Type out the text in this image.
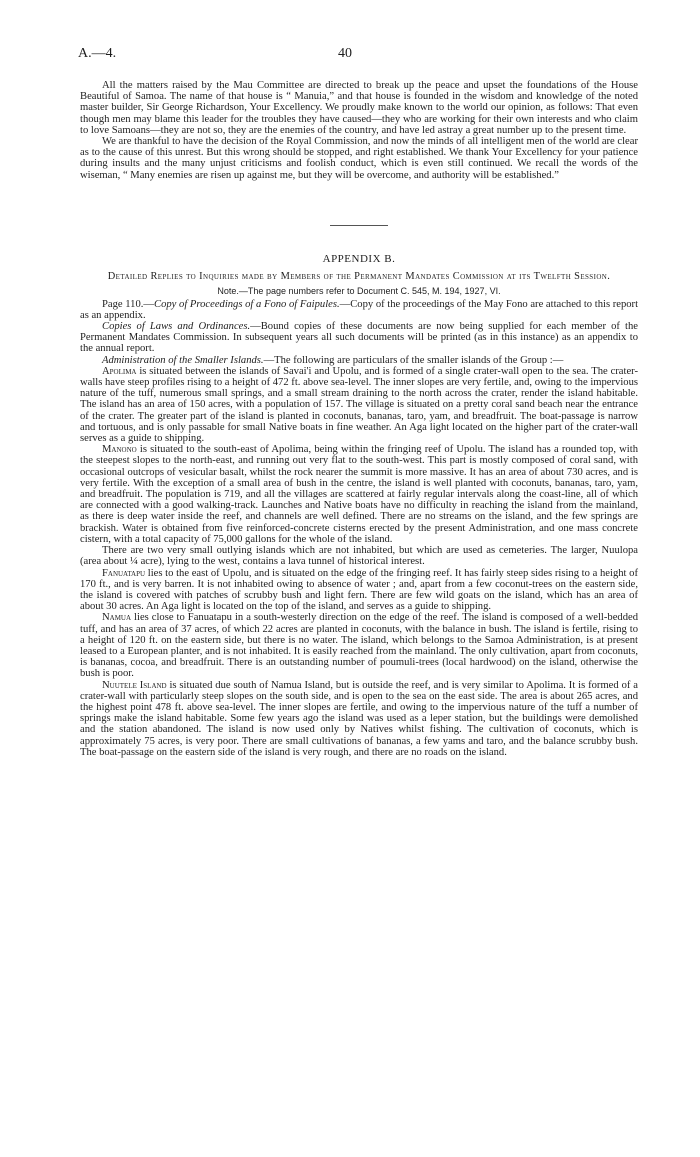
A.—4.	40

All the matters raised by the Mau Committee are directed to break up the peace and upset the foundations of the House Beautiful of Samoa. The name of that house is “ Manuia,” and that house is founded in the wisdom and knowledge of the noted master builder, Sir George Richardson, Your Excellency. We proudly make known to the world our opinion, as follows: That even though men may blame this leader for the troubles they have caused—they who are working for their own interests and who claim to love Samoans—they are not so, they are the enemies of the country, and have led astray a great number up to the present time.

We are thankful to have the decision of the Royal Commission, and now the minds of all intelligent men of the world are clear as to the cause of this unrest. But this wrong should be stopped, and right established. We thank Your Excellency for your patience during insults and the many unjust criticisms and foolish conduct, which is even still continued. We recall the words of the wiseman, “ Many enemies are risen up against me, but they will be overcome, and authority will be established.”

APPENDIX B.

Detailed Replies to Inquiries made by Members of the Permanent Mandates Commission at its Twelfth Session.

Note.—The page numbers refer to Document C. 545, M. 194, 1927, VI.

Page 110.—Copy of Proceedings of a Fono of Faipules.—Copy of the proceedings of the May Fono are attached to this report as an appendix.

Copies of Laws and Ordinances.—Bound copies of these documents are now being supplied for each member of the Permanent Mandates Commission. In subsequent years all such documents will be printed (as in this instance) as an appendix to the annual report.

Administration of the Smaller Islands.—The following are particulars of the smaller islands of the Group :—

Apolima is situated between the islands of Savai'i and Upolu, and is formed of a single crater-wall open to the sea. The crater-walls have steep profiles rising to a height of 472 ft. above sea-level. The inner slopes are very fertile, and, owing to the impervious nature of the tuff, numerous small springs, and a small stream draining to the north across the crater, render the island habitable. The island has an area of 150 acres, with a population of 157. The village is situated on a pretty coral sand beach near the entrance of the crater. The greater part of the island is planted in coconuts, bananas, taro, yam, and breadfruit. The boat-passage is narrow and tortuous, and is only passable for small Native boats in fine weather. An Aga light located on the higher part of the crater-wall serves as a guide to shipping.

Manono is situated to the south-east of Apolima, being within the fringing reef of Upolu. The island has a rounded top, with the steepest slopes to the north-east, and running out very flat to the south-west. This part is mostly composed of coral sand, with occasional outcrops of vesicular basalt, whilst the rock nearer the summit is more massive. It has an area of about 730 acres, and is very fertile. With the exception of a small area of bush in the centre, the island is well planted with coconuts, bananas, taro, yam, and breadfruit. The population is 719, and all the villages are scattered at fairly regular intervals along the coast-line, all of which are connected with a good walking-track. Launches and Native boats have no difficulty in reaching the island from the mainland, as there is deep water inside the reef, and channels are well defined. There are no streams on the island, and the few springs are brackish. Water is obtained from five reinforced-concrete cisterns erected by the present Administration, and one mass concrete cistern, with a total capacity of 75,000 gallons for the whole of the island.

There are two very small outlying islands which are not inhabited, but which are used as cemeteries. The larger, Nuulopa (area about ¼ acre), lying to the west, contains a lava tunnel of historical interest.

Fanuatapu lies to the east of Upolu, and is situated on the edge of the fringing reef. It has fairly steep sides rising to a height of 170 ft., and is very barren. It is not inhabited owing to absence of water ; and, apart from a few coconut-trees on the eastern side, the island is covered with patches of scrubby bush and light fern. There are few wild goats on the island, which has an area of about 30 acres. An Aga light is located on the top of the island, and serves as a guide to shipping.

Namua lies close to Fanuatapu in a south-westerly direction on the edge of the reef. The island is composed of a well-bedded tuff, and has an area of 37 acres, of which 22 acres are planted in coconuts, with the balance in bush. The island is fertile, rising to a height of 120 ft. on the eastern side, but there is no water. The island, which belongs to the Samoa Administration, is at present leased to a European planter, and is not inhabited. It is easily reached from the mainland. The only cultivation, apart from coconuts, is bananas, cocoa, and breadfruit. There is an outstanding number of poumuli-trees (local hardwood) on the island, otherwise the bush is poor.

Nuutele Island is situated due south of Namua Island, but is outside the reef, and is very similar to Apolima. It is formed of a crater-wall with particularly steep slopes on the south side, and is open to the sea on the east side. The area is about 265 acres, and the highest point 478 ft. above sea-level. The inner slopes are fertile, and owing to the impervious nature of the tuff a number of springs make the island habitable. Some few years ago the island was used as a leper station, but the buildings were demolished and the station abandoned. The island is now used only by Natives whilst fishing. The cultivation of coconuts, which is approximately 75 acres, is very poor. There are small cultivations of bananas, a few yams and taro, and the balance scrubby bush. The boat-passage on the eastern side of the island is very rough, and there are no roads on the island.
